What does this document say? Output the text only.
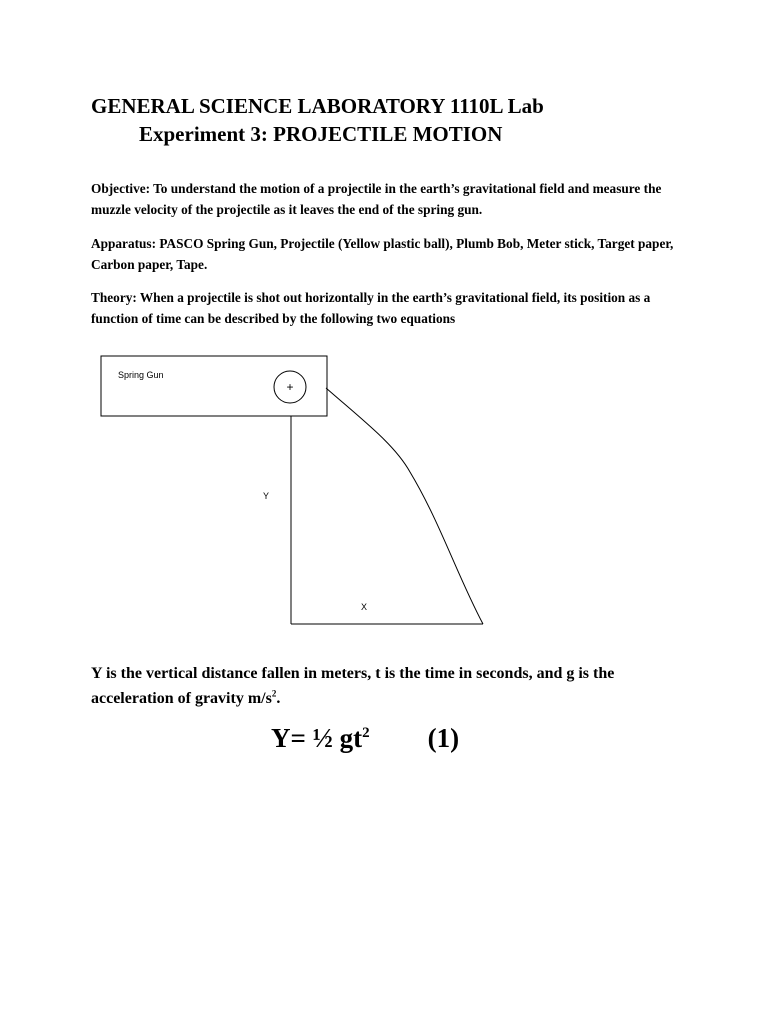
GENERAL SCIENCE LABORATORY 1110L Lab
Experiment 3: PROJECTILE MOTION
Objective: To understand the motion of a projectile in the earth’s gravitational field and measure the muzzle velocity of the projectile as it leaves the end of the spring gun.
Apparatus: PASCO Spring Gun, Projectile (Yellow plastic ball), Plumb Bob, Meter stick, Target paper, Carbon paper, Tape.
Theory: When a projectile is shot out horizontally in the earth’s gravitational field, its position as a function of time can be described by the following two equations
Spring Gun
+
Y
X
Y is the vertical distance fallen in meters, t is the time in seconds, and g is the acceleration of gravity $m/s^2$.
Y= ½ $gt^2$ (1)
